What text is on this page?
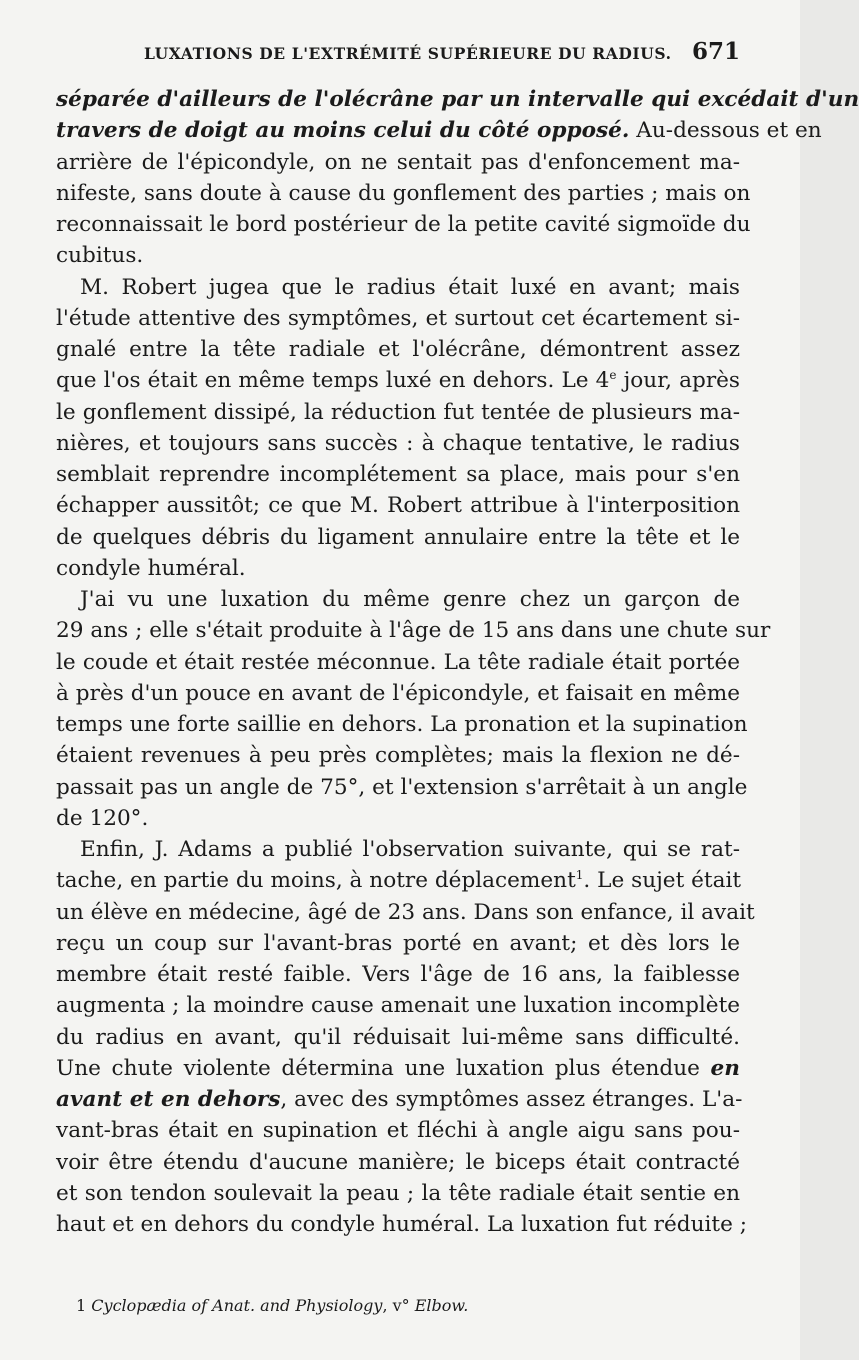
LUXATIONS DE L'EXTRÉMITÉ SUPÉRIEURE DU RADIUS. 671
séparée d'ailleurs de l'olécrâne par un intervalle qui excédait d'un
travers de doigt au moins celui du côté opposé. Au-dessous et en
arrière de l'épicondyle, on ne sentait pas d'enfoncement ma-
nifeste, sans doute à cause du gonflement des parties ; mais on
reconnaissait le bord postérieur de la petite cavité sigmoïde du
cubitus.
M. Robert jugea que le radius était luxé en avant; mais
l'étude attentive des symptômes, et surtout cet écartement si-
gnalé entre la tête radiale et l'olécrâne, démontrent assez
que l'os était en même temps luxé en dehors. Le 4e jour, après
le gonflement dissipé, la réduction fut tentée de plusieurs ma-
nières, et toujours sans succès : à chaque tentative, le radius
semblait reprendre incomplétement sa place, mais pour s'en
échapper aussitôt; ce que M. Robert attribue à l'interposition
de quelques débris du ligament annulaire entre la tête et le
condyle huméral.
J'ai vu une luxation du même genre chez un garçon de
29 ans ; elle s'était produite à l'âge de 15 ans dans une chute sur
le coude et était restée méconnue. La tête radiale était portée
à près d'un pouce en avant de l'épicondyle, et faisait en même
temps une forte saillie en dehors. La pronation et la supination
étaient revenues à peu près complètes; mais la flexion ne dé-
passait pas un angle de 75°, et l'extension s'arrêtait à un angle
de 120°.
Enfin, J. Adams a publié l'observation suivante, qui se rat-
tache, en partie du moins, à notre déplacement$^1$. Le sujet était
un élève en médecine, âgé de 23 ans. Dans son enfance, il avait
reçu un coup sur l'avant-bras porté en avant; et dès lors le
membre était resté faible. Vers l'âge de 16 ans, la faiblesse
augmenta ; la moindre cause amenait une luxation incomplète
du radius en avant, qu'il réduisait lui-même sans difficulté.
Une chute violente détermina une luxation plus étendue en
avant et en dehors, avec des symptômes assez étranges. L'a-
vant-bras était en supination et fléchi à angle aigu sans pou-
voir être étendu d'aucune manière; le biceps était contracté
et son tendon soulevait la peau ; la tête radiale était sentie en
haut et en dehors du condyle huméral. La luxation fut réduite ;
1 Cyclopædia of Anat. and Physiology, v° Elbow.
